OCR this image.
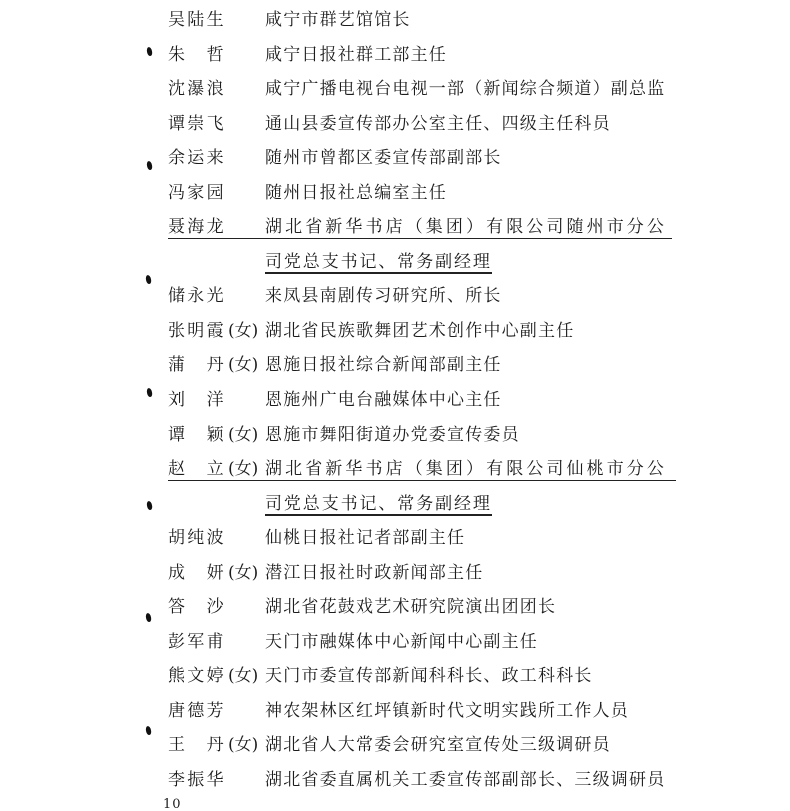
吴陆生 咸宁市群艺馆馆长
朱　哲 咸宁日报社群工部主任
沈瀑浪 咸宁广播电视台电视一部（新闻综合频道）副总监
谭崇飞 通山县委宣传部办公室主任、四级主任科员
余运来 随州市曾都区委宣传部副部长
冯家园 随州日报社总编室主任
聂海龙 湖北省新华书店（集团）有限公司随州市分公
司党总支书记、常务副经理
储永光 来凤县南剧传习研究所、所长
张明霞 (女) 湖北省民族歌舞团艺术创作中心副主任
蒲　丹 (女) 恩施日报社综合新闻部副主任
刘　洋 恩施州广电台融媒体中心主任
谭　颖 (女) 恩施市舞阳街道办党委宣传委员
赵　立 (女) 湖北省新华书店（集团）有限公司仙桃市分公
司党总支书记、常务副经理
胡纯波 仙桃日报社记者部副主任
成　妍 (女) 潜江日报社时政新闻部主任
答　沙 湖北省花鼓戏艺术研究院演出团团长
彭军甫 天门市融媒体中心新闻中心副主任
熊文婷 (女) 天门市委宣传部新闻科科长、政工科科长
唐德芳 神农架林区红坪镇新时代文明实践所工作人员
王　丹 (女) 湖北省人大常委会研究室宣传处三级调研员
李振华 湖北省委直属机关工委宣传部副部长、三级调研员
10
